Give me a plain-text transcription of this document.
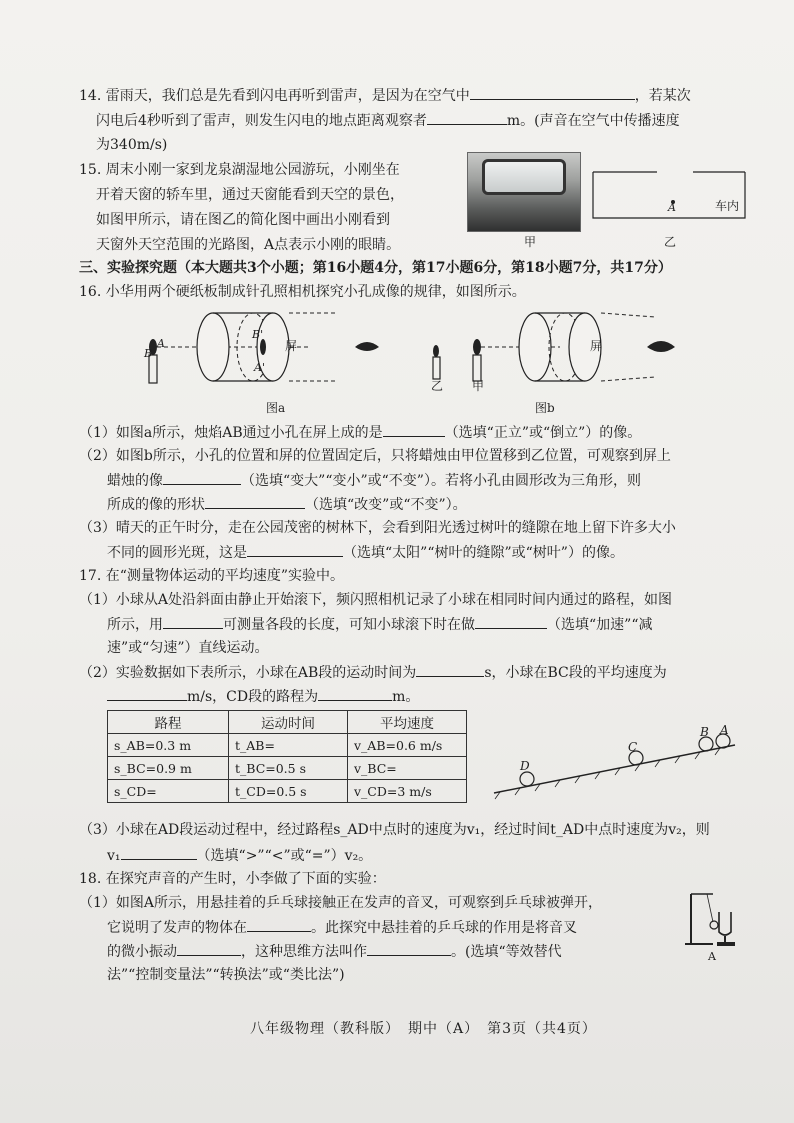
14. 雷雨天，我们总是先看到闪电再听到雷声，是因为在空气中	，若某次
闪电后4秒听到了雷声，则发生闪电的地点距离观察者	m。(声音在空气中传播速度
为340m/s)
15. 周末小刚一家到龙泉湖湿地公园游玩，小刚坐在
开着天窗的轿车里，通过天窗能看到天空的景色，
如图甲所示，请在图乙的简化图中画出小刚看到
天窗外天空范围的光路图，A点表示小刚的眼睛。	甲
A	车内
乙
三、实验探究题（本大题共3个小题；第16小题4分，第17小题6分，第18小题7分，共17分）
16. 小华用两个硬纸板制成针孔照相机探究小孔成像的规律，如图所示。
A
B
B'
A'
屏	屏
乙 甲
图a	图b
（1）如图a所示，烛焰AB通过小孔在屏上成的是	（选填“正立”或“倒立”）的像。
（2）如图b所示，小孔的位置和屏的位置固定后，只将蜡烛由甲位置移到乙位置，可观察到屏上
蜡烛的像	（选填“变大”“变小”或“不变”）。若将小孔由圆形改为三角形，则
所成的像的形状	（选填“改变”或“不变”）。
（3）晴天的正午时分，走在公园茂密的树林下，会看到阳光透过树叶的缝隙在地上留下许多大小
不同的圆形光斑，这是	（选填“太阳”“树叶的缝隙”或“树叶”）的像。
17. 在“测量物体运动的平均速度”实验中。
（1）小球从A处沿斜面由静止开始滚下，频闪照相机记录了小球在相同时间内通过的路程，如图
所示，用	可测量各段的长度，可知小球滚下时在做	（选填“加速”“减
速”或“匀速”）直线运动。
（2）实验数据如下表所示，小球在AB段的运动时间为	s，小球在BC段的平均速度为
m/s，CD段的路程为	m。
路程	运动时间	平均速度
s_AB=0.3 m	t_AB=	v_AB=0.6 m/s
s_BC=0.9 m	t_BC=0.5 s	v_BC=
s_CD=	t_CD=0.5 s	v_CD=3 m/s
D
C
B A
（3）小球在AD段运动过程中，经过路程s_AD中点时的速度为v₁，经过时间t_AD中点时速度为v₂，则
v₁	（选填“>”“<”或“=”）v₂。
18. 在探究声音的产生时，小李做了下面的实验：
（1）如图A所示，用悬挂着的乒乓球接触正在发声的音叉，可观察到乒乓球被弹开，
它说明了发声的物体在	。此探究中悬挂着的乒乓球的作用是将音叉
的微小振动	，这种思维方法叫作	。(选填“等效替代
法”“控制变量法”“转换法”或“类比法”)
A
八年级物理（教科版）　期中（A）　第3页（共4页）
